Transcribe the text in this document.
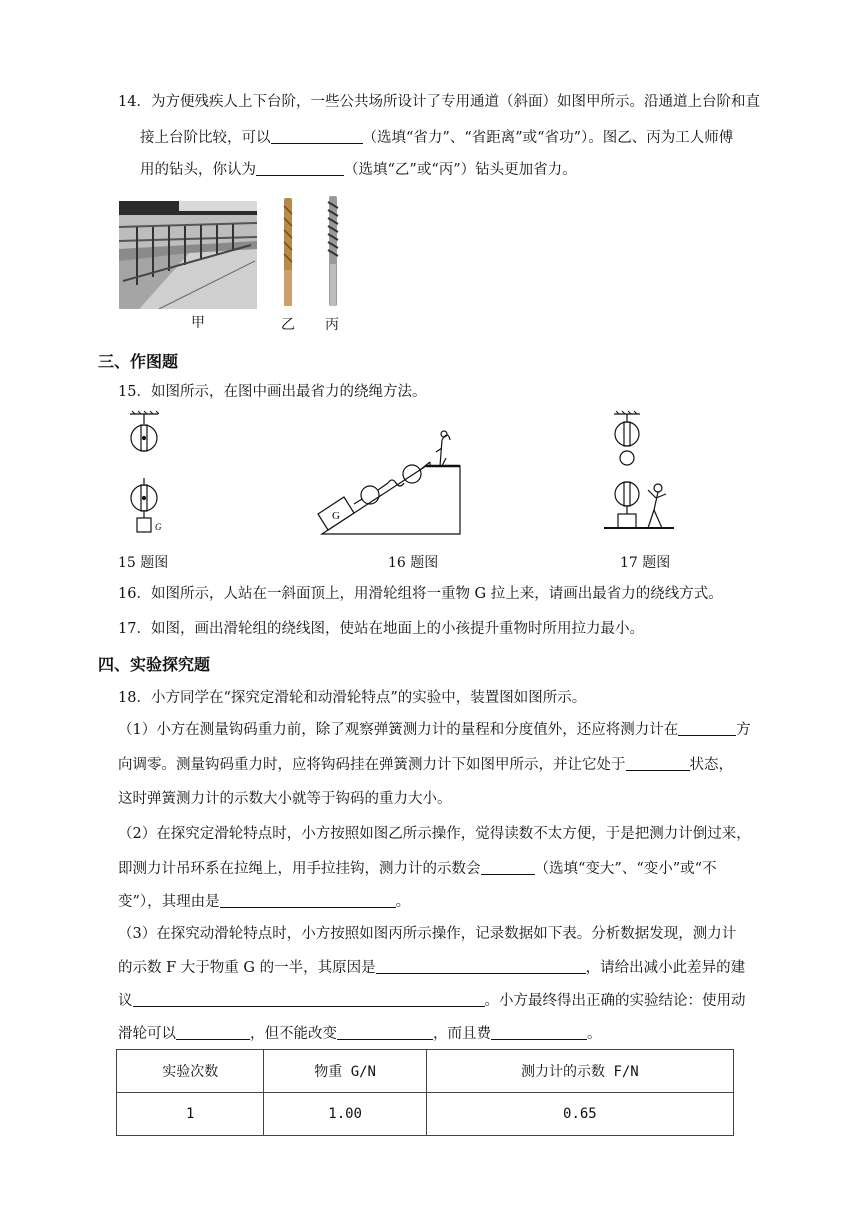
14．为方便残疾人上下台阶，一些公共场所设计了专用通道（斜面）如图甲所示。沿通道上台阶和直
接上台阶比较，可以	（选填“省力”、“省距离”或“省功”）。图乙、丙为工人师傅
用的钻头，你认为	（选填“乙”或“丙”）钻头更加省力。
甲	乙 丙
三、作图题
15．如图所示，在图中画出最省力的绕绳方法。
G
G
15 题图	16 题图	17 题图
16．如图所示，人站在一斜面顶上，用滑轮组将一重物 G 拉上来，请画出最省力的绕线方式。
17．如图，画出滑轮组的绕线图，使站在地面上的小孩提升重物时所用拉力最小。
四、实验探究题
18．小方同学在“探究定滑轮和动滑轮特点”的实验中，装置图如图所示。
（1）小方在测量钩码重力前，除了观察弹簧测力计的量程和分度值外，还应将测力计在	方
向调零。测量钩码重力时，应将钩码挂在弹簧测力计下如图甲所示，并让它处于	状态，
这时弹簧测力计的示数大小就等于钩码的重力大小。
（2）在探究定滑轮特点时，小方按照如图乙所示操作，觉得读数不太方便，于是把测力计倒过来，
即测力计吊环系在拉绳上，用手拉挂钩，测力计的示数会	（选填“变大”、“变小”或“不
变”），其理由是	。
（3）在探究动滑轮特点时，小方按照如图丙所示操作，记录数据如下表。分析数据发现，测力计
的示数 F 大于物重 G 的一半，其原因是	，请给出减小此差异的建
议	。小方最终得出正确的实验结论：使用动
滑轮可以	，但不能改变	，而且费	。
实验次数	物重 G/N	测力计的示数 F/N
1	1.00	0.65
